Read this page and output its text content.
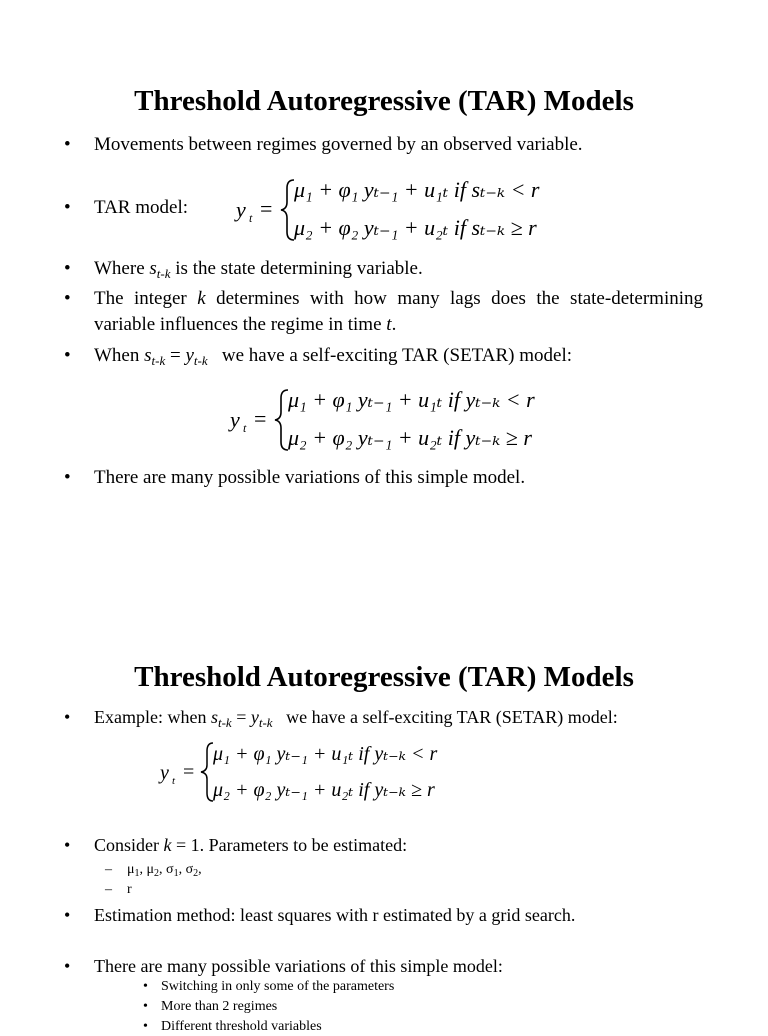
Threshold Autoregressive (TAR) Models
• Movements between regimes governed by an observed variable.
• TAR model: y t =
μ₁ + φ₁ yₜ₋₁ + u₁ₜ if sₜ₋ₖ < r
μ₂ + φ₂ yₜ₋₁ + u₂ₜ if sₜ₋ₖ ≥ r
• Where $s_{t-k}$ is the state determining variable.
• The integer k determines with how many lags does the state-determining variable influences the regime in time t.
• When $s_{t-k} = y_{t-k}$ we have a self-exciting TAR (SETAR) model:
y t =
μ₁ + φ₁ yₜ₋₁ + u₁ₜ if yₜ₋ₖ < r
μ₂ + φ₂ yₜ₋₁ + u₂ₜ if yₜ₋ₖ ≥ r
• There are many possible variations of this simple model.
Threshold Autoregressive (TAR) Models
• Example: when $s_{t-k} = y_{t-k}$ we have a self-exciting TAR (SETAR) model:
y t =
μ₁ + φ₁ yₜ₋₁ + u₁ₜ if yₜ₋ₖ < r
μ₂ + φ₂ yₜ₋₁ + u₂ₜ if yₜ₋ₖ ≥ r
• Consider k = 1. Parameters to be estimated:
– $\mu_1$, $\mu_2$, $\sigma_1$, $\sigma_2$,
– r
• Estimation method: least squares with r estimated by a grid search.
• There are many possible variations of this simple model:
• Switching in only some of the parameters
• More than 2 regimes
• Different threshold variables
